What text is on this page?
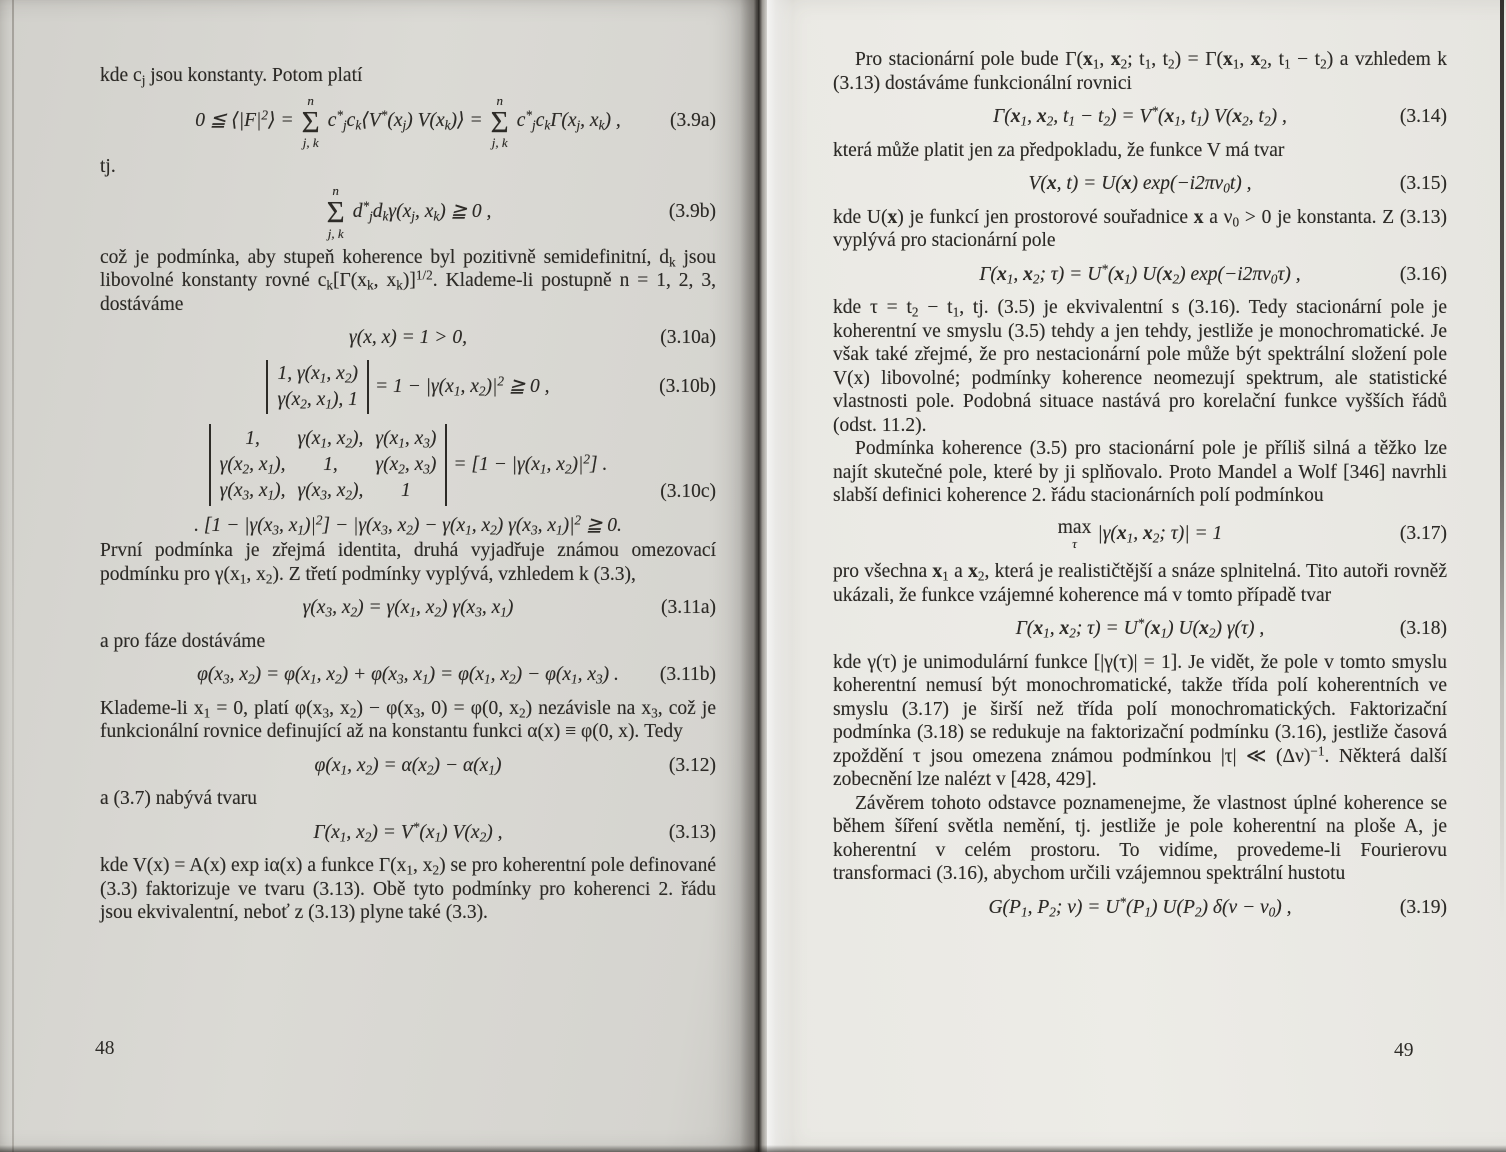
kde $c_j$ jsou konstanty. Potom platí

0 ≦ $⟨|F|^2⟩$ =
n
Σ
j, k
$c^*_jc_k⟨V^*(x_j)$ $V(x_k)⟩$ =
n
Σ
j, k
$c^*_jc_k\Gamma(x_j$, $x_k$) ,	(3.9a)

tj.

n
Σ
j, k
$d^*_jd_k\gamma(x_j$, $x_k$) ≧ 0 ,	(3.9b)

což je podmínka, aby stupeň koherence byl pozitivně semidefinitní, $d_k$ jsou libovolné konstanty rovné $c_k[\Gamma(x_k$, $x_k)]^{1/2}$. Klademe-li postupně n = 1, 2, 3, dostáváme

γ(x, x) = 1 > 0,	(3.10a)
1, $\gamma(x_1$, $x_2$)
$\gamma(x_2$, $x_1$), 1
= $1 - |\gamma(x_1$, $x_2)|^2$ ≧ 0 ,	(3.10b)
1, $\gamma(x_1$, $x_2$), $\gamma(x_1$, $x_3$)
$\gamma(x_2$, $x_1$), 1, $\gamma(x_2$, $x_3$)
$\gamma(x_3$, $x_1$), $\gamma(x_3$, $x_2$), 1
= [$1 - |\gamma(x_1$, $x_2)|^2$] .
(3.10c)

. [$1 - |\gamma(x_3$, $x_1)|^2] - |\gamma(x_3$, $x_2) - \gamma(x_1$, $x_2$) $\gamma(x_3$, $x_1)|^2$ ≧ 0.

První podmínka je zřejmá identita, druhá vyjadřuje známou omezovací podmínku pro $\gamma(x_1$, $x_2$). Z třetí podmínky vyplývá, vzhledem k (3.3),

$\gamma(x_3$, $x_2) = \gamma(x_1$, $x_2$) $\gamma(x_3$, $x_1$)	(3.11a)

a pro fáze dostáváme

$\varphi(x_3$, $x_2) = \varphi(x_1$, $x_2) + \varphi(x_3$, $x_1) = \varphi(x_1$, $x_2) - \varphi(x_1$, $x_3$) . (3.11b)

Klademe-li $x_1 = 0$, platí $\varphi(x_3$, $x_2) - \varphi(x_3$, 0) = φ(0, $x_2$) nezávisle na $x_3$, což je funkcionální rovnice definující až na konstantu funkci α(x) ≡ φ(0, x). Tedy

$\varphi(x_1$, $x_2) = \alpha(x_2) - \alpha(x_1)$	(3.12)

a (3.7) nabývá tvaru

$\Gamma(x_1$, $x_2) = V^*(x_1)$ $V(x_2)$ ,	(3.13)

kde V(x) = A(x) exp iα(x) a funkce $\Gamma(x_1$, $x_2$) se pro koherentní pole definované (3.3) faktorizuje ve tvaru (3.13). Obě tyto podmínky pro koherenci 2. řádu jsou ekvivalentní, neboť z (3.13) plyne také (3.3).

48

Pro stacionární pole bude $\Gamma(x_1$, $x_2$; $t_1$, $t_2) = \Gamma(x_1$, $x_2$, $t_1 - t_2$) a vzhledem k (3.13) dostáváme funkcionální rovnici

$\Gamma(x_1$, $x_2$, $t_1 - t_2) = V^*(x_1$, $t_1$) $V(x_2$, $t_2$) ,	(3.14)

která může platit jen za předpokladu, že funkce V má tvar

V(x, t) = U(x) $\exp(-i2\pi\nu_0t)$ ,	(3.15)

kde U(x) je funkcí jen prostorové souřadnice x a $\nu_0 > 0$ je konstanta. Z (3.13) vyplývá pro stacionární pole

$\Gamma(x_1$, $x_2$; $\tau) = U^*(x_1)$ $U(x_2)$ $\exp(-i2\pi\nu_0\tau)$ ,	(3.16)

kde $\tau = t_2 - t_1$, tj. (3.5) je ekvivalentní s (3.16). Tedy stacionární pole je koherentní ve smyslu (3.5) tehdy a jen tehdy, jestliže je monochromatické. Je však také zřejmé, že pro nestacionární pole může být spektrální složení pole V(x) libovolné; podmínky koherence neomezují spektrum, ale statistické vlastnosti pole. Podobná situace nastává pro korelační funkce vyšších řádů (odst. 11.2).

Podmínka koherence (3.5) pro stacionární pole je příliš silná a těžko lze najít skutečné pole, které by ji splňovalo. Proto Mandel a Wolf [346] navrhli slabší definici koherence 2. řádu stacionárních polí podmínkou

max
τ $|\gamma(x_1$, $x_2$; τ)| = 1	(3.17)

pro všechna $x_1$ a $x_2$, která je realističtější a snáze splnitelná. Tito autoři rovněž ukázali, že funkce vzájemné koherence má v tomto případě tvar

$\Gamma(x_1$, $x_2$; $\tau) = U^*(x_1)$ $U(x_2)$ γ(τ) ,	(3.18)

kde γ(τ) je unimodulární funkce [|γ(τ)| = 1]. Je vidět, že pole v tomto smyslu koherentní nemusí být monochromatické, takže třída polí koherentních ve smyslu (3.17) je širší než třída polí monochromatických. Faktorizační podmínka (3.18) se redukuje na faktorizační podmínku (3.16), jestliže časová zpoždění τ jsou omezena známou podmínkou |τ| ≪ $(\Delta\nu)^{-1}$. Některá další zobecnění lze nalézt v [428, 429].

Závěrem tohoto odstavce poznamenejme, že vlastnost úplné koherence se během šíření světla nemění, tj. jestliže je pole koherentní na ploše A, je koherentní v celém prostoru. To vidíme, provedeme-li Fourierovu transformaci (3.16), abychom určili vzájemnou spektrální hustotu

$G(P_1$, $P_2$; $\nu) = U^*(P_1)$ $U(P_2) \delta(\nu - \nu_0)$ ,	(3.19)
49
